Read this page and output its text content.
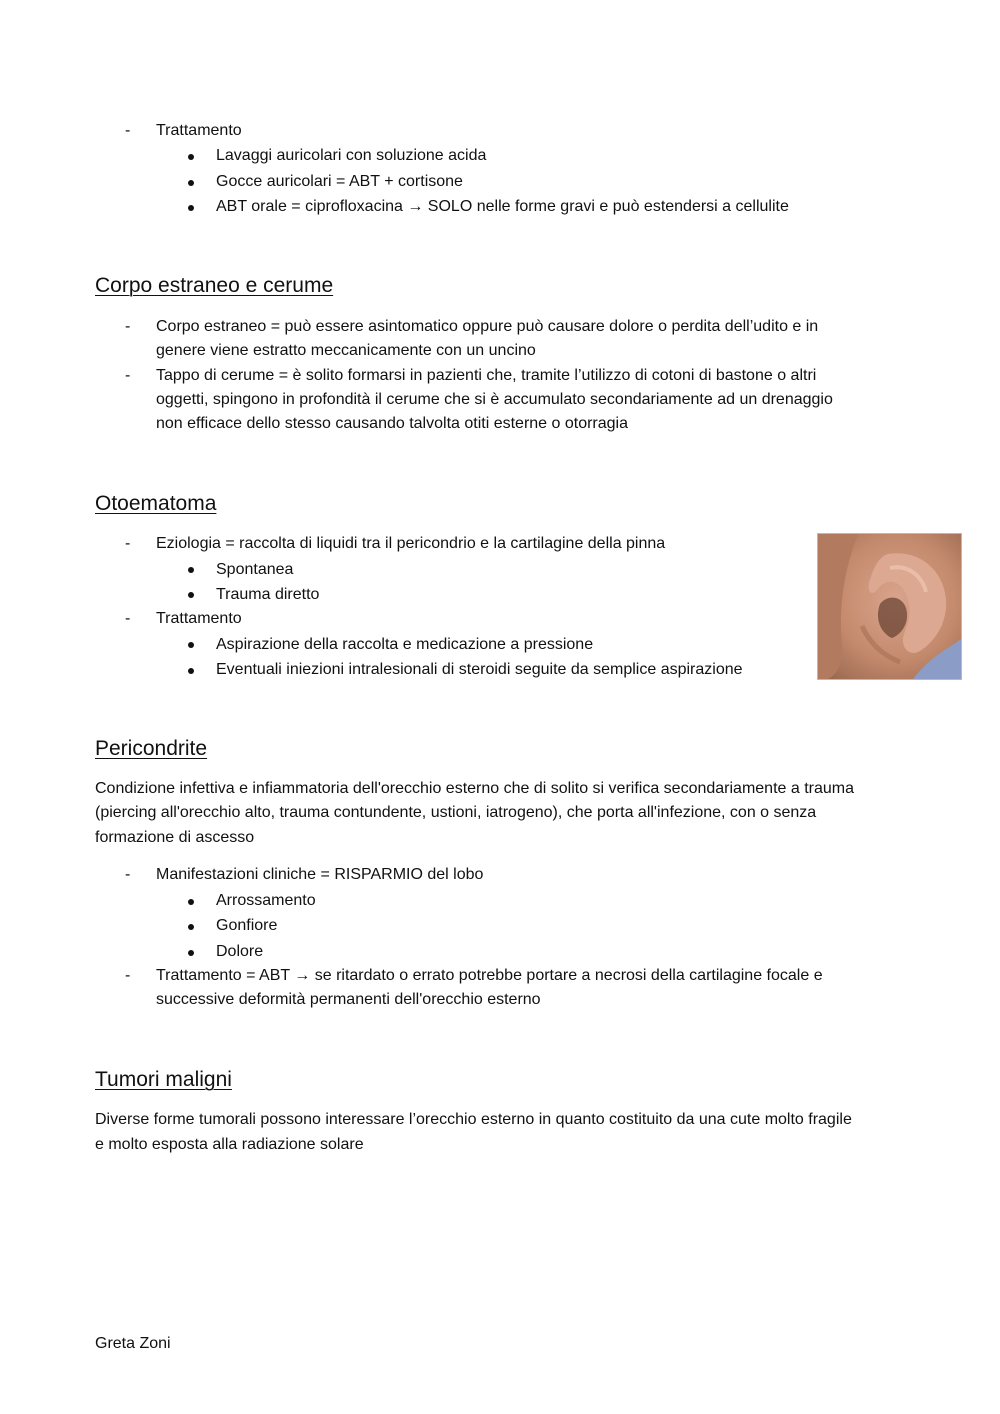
- Trattamento
Lavaggi auricolari con soluzione acida
Gocce auricolari = ABT + cortisone
ABT orale = ciprofloxacina → SOLO nelle forme gravi e può estendersi a cellulite
Corpo estraneo e cerume
- Corpo estraneo = può essere asintomatico oppure può causare dolore o perdita dell’udito e in
genere viene estratto meccanicamente con un uncino
- Tappo di cerume = è solito formarsi in pazienti che, tramite l’utilizzo di cotoni di bastone o altri
oggetti, spingono in profondità il cerume che si è accumulato secondariamente ad un drenaggio
non efficace dello stesso causando talvolta otiti esterne o otorragia
Otoematoma
- Eziologia = raccolta di liquidi tra il pericondrio e la cartilagine della pinna
Spontanea
Trauma diretto
- Trattamento
Aspirazione della raccolta e medicazione a pressione
Eventuali iniezioni intralesionali di steroidi seguite da semplice aspirazione
Pericondrite
Condizione infettiva e infiammatoria dell'orecchio esterno che di solito si verifica secondariamente a trauma
(piercing all'orecchio alto, trauma contundente, ustioni, iatrogeno), che porta all'infezione, con o senza
formazione di ascesso
- Manifestazioni cliniche = RISPARMIO del lobo
Arrossamento
Gonfiore
Dolore
- Trattamento = ABT → se ritardato o errato potrebbe portare a necrosi della cartilagine focale e
successive deformità permanenti dell'orecchio esterno
Tumori maligni
Diverse forme tumorali possono interessare l’orecchio esterno in quanto costituito da una cute molto fragile
e molto esposta alla radiazione solare
Greta Zoni
